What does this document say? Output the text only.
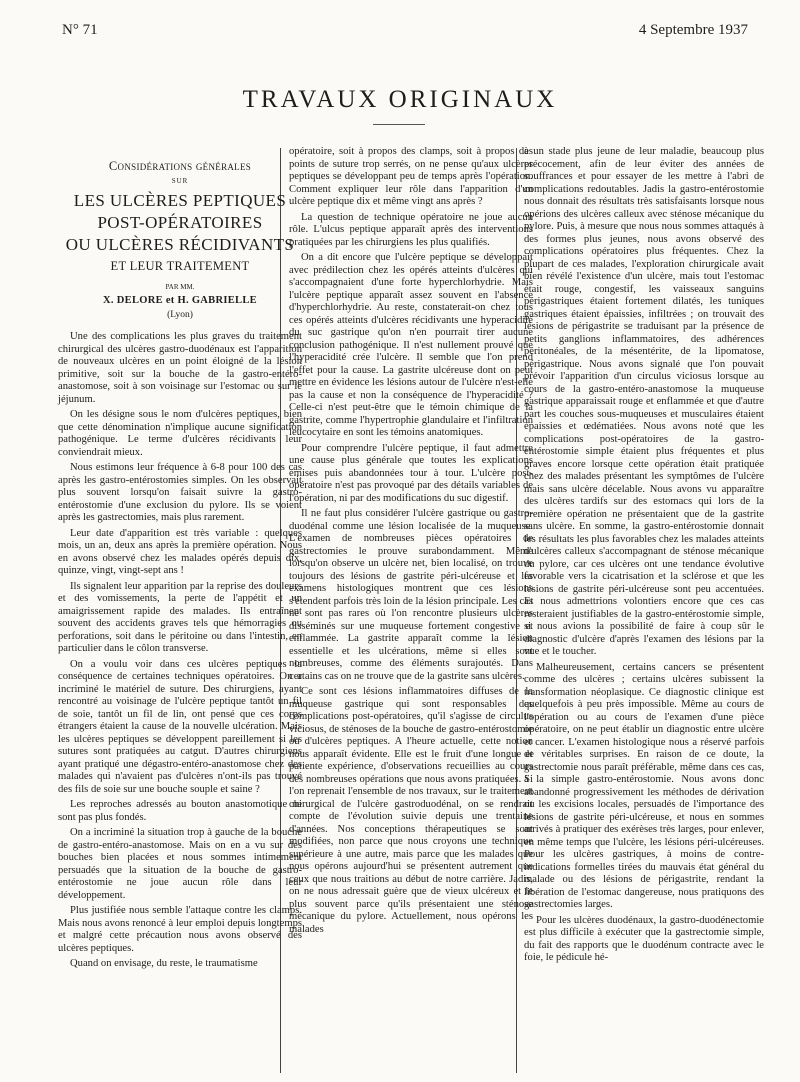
N° 71	4 Septembre 1937
TRAVAUX ORIGINAUX
Considérations générales
SUR
LES ULCÈRES PEPTIQUES
POST-OPÉRATOIRES
OU ULCÈRES RÉCIDIVANTS
ET LEUR TRAITEMENT
PAR MM.
X. DELORE et H. GABRIELLE
(Lyon)

Une des complications les plus graves du traitement chirurgical des ulcères gastro-duodénaux est l'apparition de nouveaux ulcères en un point éloigné de la lésion primitive, soit sur la bouche de la gastro-entéro-anastomose, soit à son voisinage sur l'estomac ou sur le jéjunum.

On les désigne sous le nom d'ulcères peptiques, bien que cette dénomination n'implique aucune signification pathogénique. Le terme d'ulcères récidivants leur conviendrait mieux.

Nous estimons leur fréquence à 6-8 pour 100 des cas après les gastro-entérostomies simples. On les observait plus souvent lorsqu'on faisait suivre la gastro-entérostomie d'une exclusion du pylore. Ils se voient après les gastrectomies, mais plus rarement.

Leur date d'apparition est très variable : quelques mois, un an, deux ans après la première opération. Nous en avons observé chez les malades opérés depuis dix, quinze, vingt, vingt-sept ans !

Ils signalent leur apparition par la reprise des douleurs et des vomissements, la perte de l'appétit et un amaigrissement rapide des malades. Ils entraînent souvent des accidents graves tels que hémorragies ou perforations, soit dans le péritoine ou dans l'intestin, en particulier dans le côlon transverse.

On a voulu voir dans ces ulcères peptiques la conséquence de certaines techniques opératoires. On a incriminé le matériel de suture. Des chirurgiens, ayant rencontré au voisinage de l'ulcère peptique tantôt un fil de soie, tantôt un fil de lin, ont pensé que ces corps étrangers étaient la cause de la nouvelle ulcération. Mais les ulcères peptiques se développent pareillement si les sutures sont pratiquées au catgut. D'autres chirurgiens ayant pratiqué une dégastro-entéro-anastomose chez des malades qui n'avaient pas d'ulcères n'ont-ils pas trouvé des fils de soie sur une bouche souple et saine ?

Les reproches adressés au bouton anastomotique ne sont pas plus fondés.

On a incriminé la situation trop à gauche de la bouche de gastro-entéro-anastomose. Mais on en a vu sur des bouches bien placées et nous sommes intimement persuadés que la situation de la bouche de gastro-entérostomie ne joue aucun rôle dans leur développement.

Plus justifiée nous semble l'attaque contre les clamps. Mais nous avons renoncé à leur emploi depuis longtemps et malgré cette précaution nous avons observé des ulcères peptiques.

Quand on envisage, du reste, le traumatisme

opératoire, soit à propos des clamps, soit à propos des points de suture trop serrés, on ne pense qu'aux ulcères peptiques se développant peu de temps après l'opération. Comment expliquer leur rôle dans l'apparition d'un ulcère peptique dix et même vingt ans après ?

La question de technique opératoire ne joue aucun rôle. L'ulcus peptique apparaît après des interventions pratiquées par les chirurgiens les plus qualifiés.

On a dit encore que l'ulcère peptique se développait avec prédilection chez les opérés atteints d'ulcères qui s'accompagnaient d'une forte hyperchlorhydrie. Mais l'ulcère peptique apparaît assez souvent en l'absence d'hyperchlorhydrie. Au reste, constaterait-on chez tous ces opérés atteints d'ulcères récidivants une hyperacidité du suc gastrique qu'on n'en pourrait tirer aucune conclusion pathogénique. Il n'est nullement prouvé que l'hyperacidité crée l'ulcère. Il semble que l'on prend l'effet pour la cause. La gastrite ulcéreuse dont on peut mettre en évidence les lésions autour de l'ulcère n'est-elle pas la cause et non la conséquence de l'hyperacidité ? Celle-ci n'est peut-être que le témoin chimique de la gastrite, comme l'hypertrophie glandulaire et l'infiltration leucocytaire en sont les témoins anatomiques.

Pour comprendre l'ulcère peptique, il faut admettre une cause plus générale que toutes les explications émises puis abandonnées tour à tour. L'ulcère post-opératoire n'est pas provoqué par des détails variables de l'opération, ni par des modifications du suc digestif.

Il ne faut plus considérer l'ulcère gastrique ou gastro-duodénal comme une lésion localisée de la muqueuse. L'examen de nombreuses pièces opératoires de gastrectomies le prouve surabondamment. Même lorsqu'on observe un ulcère net, bien localisé, on trouve toujours des lésions de gastrite péri-ulcéreuse et les examens histologiques montrent que ces lésions s'étendent parfois très loin de la lésion principale. Les cas ne sont pas rares où l'on rencontre plusieurs ulcères disséminés sur une muqueuse fortement congestive et enflammée. La gastrite apparaît comme la lésion essentielle et les ulcérations, même si elles sont nombreuses, comme des éléments surajoutés. Dans certains cas on ne trouve que de la gastrite sans ulcères.

Ce sont ces lésions inflammatoires diffuses de la muqueuse gastrique qui sont responsables des complications post-opératoires, qu'il s'agisse de circulus viciosus, de sténoses de la bouche de gastro-entérostomie ou d'ulcères peptiques. A l'heure actuelle, cette notion nous apparaît évidente. Elle est le fruit d'une longue et patiente expérience, d'observations recueillies au cours des nombreuses opérations que nous avons pratiquées. Si l'on reprenait l'ensemble de nos travaux, sur le traitement chirurgical de l'ulcère gastroduodénal, on se rendrait compte de l'évolution suivie depuis une trentaine d'années. Nos conceptions thérapeutiques se sont modifiées, non parce que nous croyons une technique supérieure à une autre, mais parce que les malades que nous opérons aujourd'hui se présentent autrement que ceux que nous traitions au début de notre carrière. Jadis, on ne nous adressait guère que de vieux ulcéreux et le plus souvent parce qu'ils présentaient une sténose mécanique du pylore. Actuellement, nous opérons les malades

à un stade plus jeune de leur maladie, beaucoup plus précocement, afin de leur éviter des années de souffrances et pour essayer de les mettre à l'abri de complications redoutables. Jadis la gastro-entérostomie nous donnait des résultats très satisfaisants lorsque nous opérions des ulcères calleux avec sténose mécanique du pylore. Puis, à mesure que nous nous sommes attaqués à des formes plus jeunes, nous avons observé des complications opératoires plus fréquentes. Chez la plupart de ces malades, l'exploration chirurgicale avait bien révélé l'existence d'un ulcère, mais tout l'estomac était rouge, congestif, les vaisseaux sanguins périgastriques étaient fortement dilatés, les tuniques gastriques étaient épaissies, infiltrées ; on trouvait des lésions de périgastrite se traduisant par la présence de petits ganglions inflammatoires, des adhérences péritonéales, de la mésentérite, de la lipomatose, périgastrique. Nous avons signalé que l'on pouvait prévoir l'apparition d'un circulus viciosus lorsque au cours de la gastro-entéro-anastomose la muqueuse gastrique apparaissait rouge et enflammée et que d'autre part les couches sous-muqueuses et musculaires étaient épaissies et œdématiées. Nous avons noté que les complications post-opératoires de la gastro-entérostomie simple étaient plus fréquentes et plus graves encore lorsque cette opération était pratiquée chez des malades présentant les symptômes de l'ulcère mais sans ulcère décelable. Nous avons vu apparaître des ulcères tardifs sur des estomacs qui lors de la première opération ne présentaient que de la gastrite sans ulcère. En somme, la gastro-entérostomie donnait les résultats les plus favorables chez les malades atteints d'ulcères calleux s'accompagnant de sténose mécanique du pylore, car ces ulcères ont une tendance évolutive favorable vers la cicatrisation et la sclérose et que les lésions de gastrite péri-ulcéreuse sont peu accentuées. Et nous admettrions volontiers encore que ces cas resteraient justifiables de la gastro-entérostomie simple, si nous avions la possibilité de faire à coup sûr le diagnostic d'ulcère d'après l'examen des lésions par la vue et le toucher.

Malheureusement, certains cancers se présentent comme des ulcères ; certains ulcères subissent la transformation néoplasique. Ce diagnostic clinique est quelquefois à peu près impossible. Même au cours de l'opération ou au cours de l'examen d'une pièce opératoire, on ne peut établir un diagnostic entre ulcère et cancer. L'examen histologique nous a réservé parfois de véritables surprises. En raison de ce doute, la gastrectomie nous paraît préférable, même dans ces cas, à la simple gastro-entérostomie. Nous avons donc abandonné progressivement les méthodes de dérivation ou les excisions locales, persuadés de l'importance des lésions de gastrite péri-ulcéreuse, et nous en sommes arrivés à pratiquer des exérèses très larges, pour enlever, en même temps que l'ulcère, les lésions péri-ulcéreuses. Pour les ulcères gastriques, à moins de contre-indications formelles tirées du mauvais état général du malade ou des lésions de périgastrite, rendant la libération de l'estomac dangereuse, nous pratiquons des gastrectomies larges.

Pour les ulcères duodénaux, la gastro-duodénectomie est plus difficile à exécuter que la gastrectomie simple, du fait des rapports que le duodénum contracte avec le foie, le pédicule hé-
